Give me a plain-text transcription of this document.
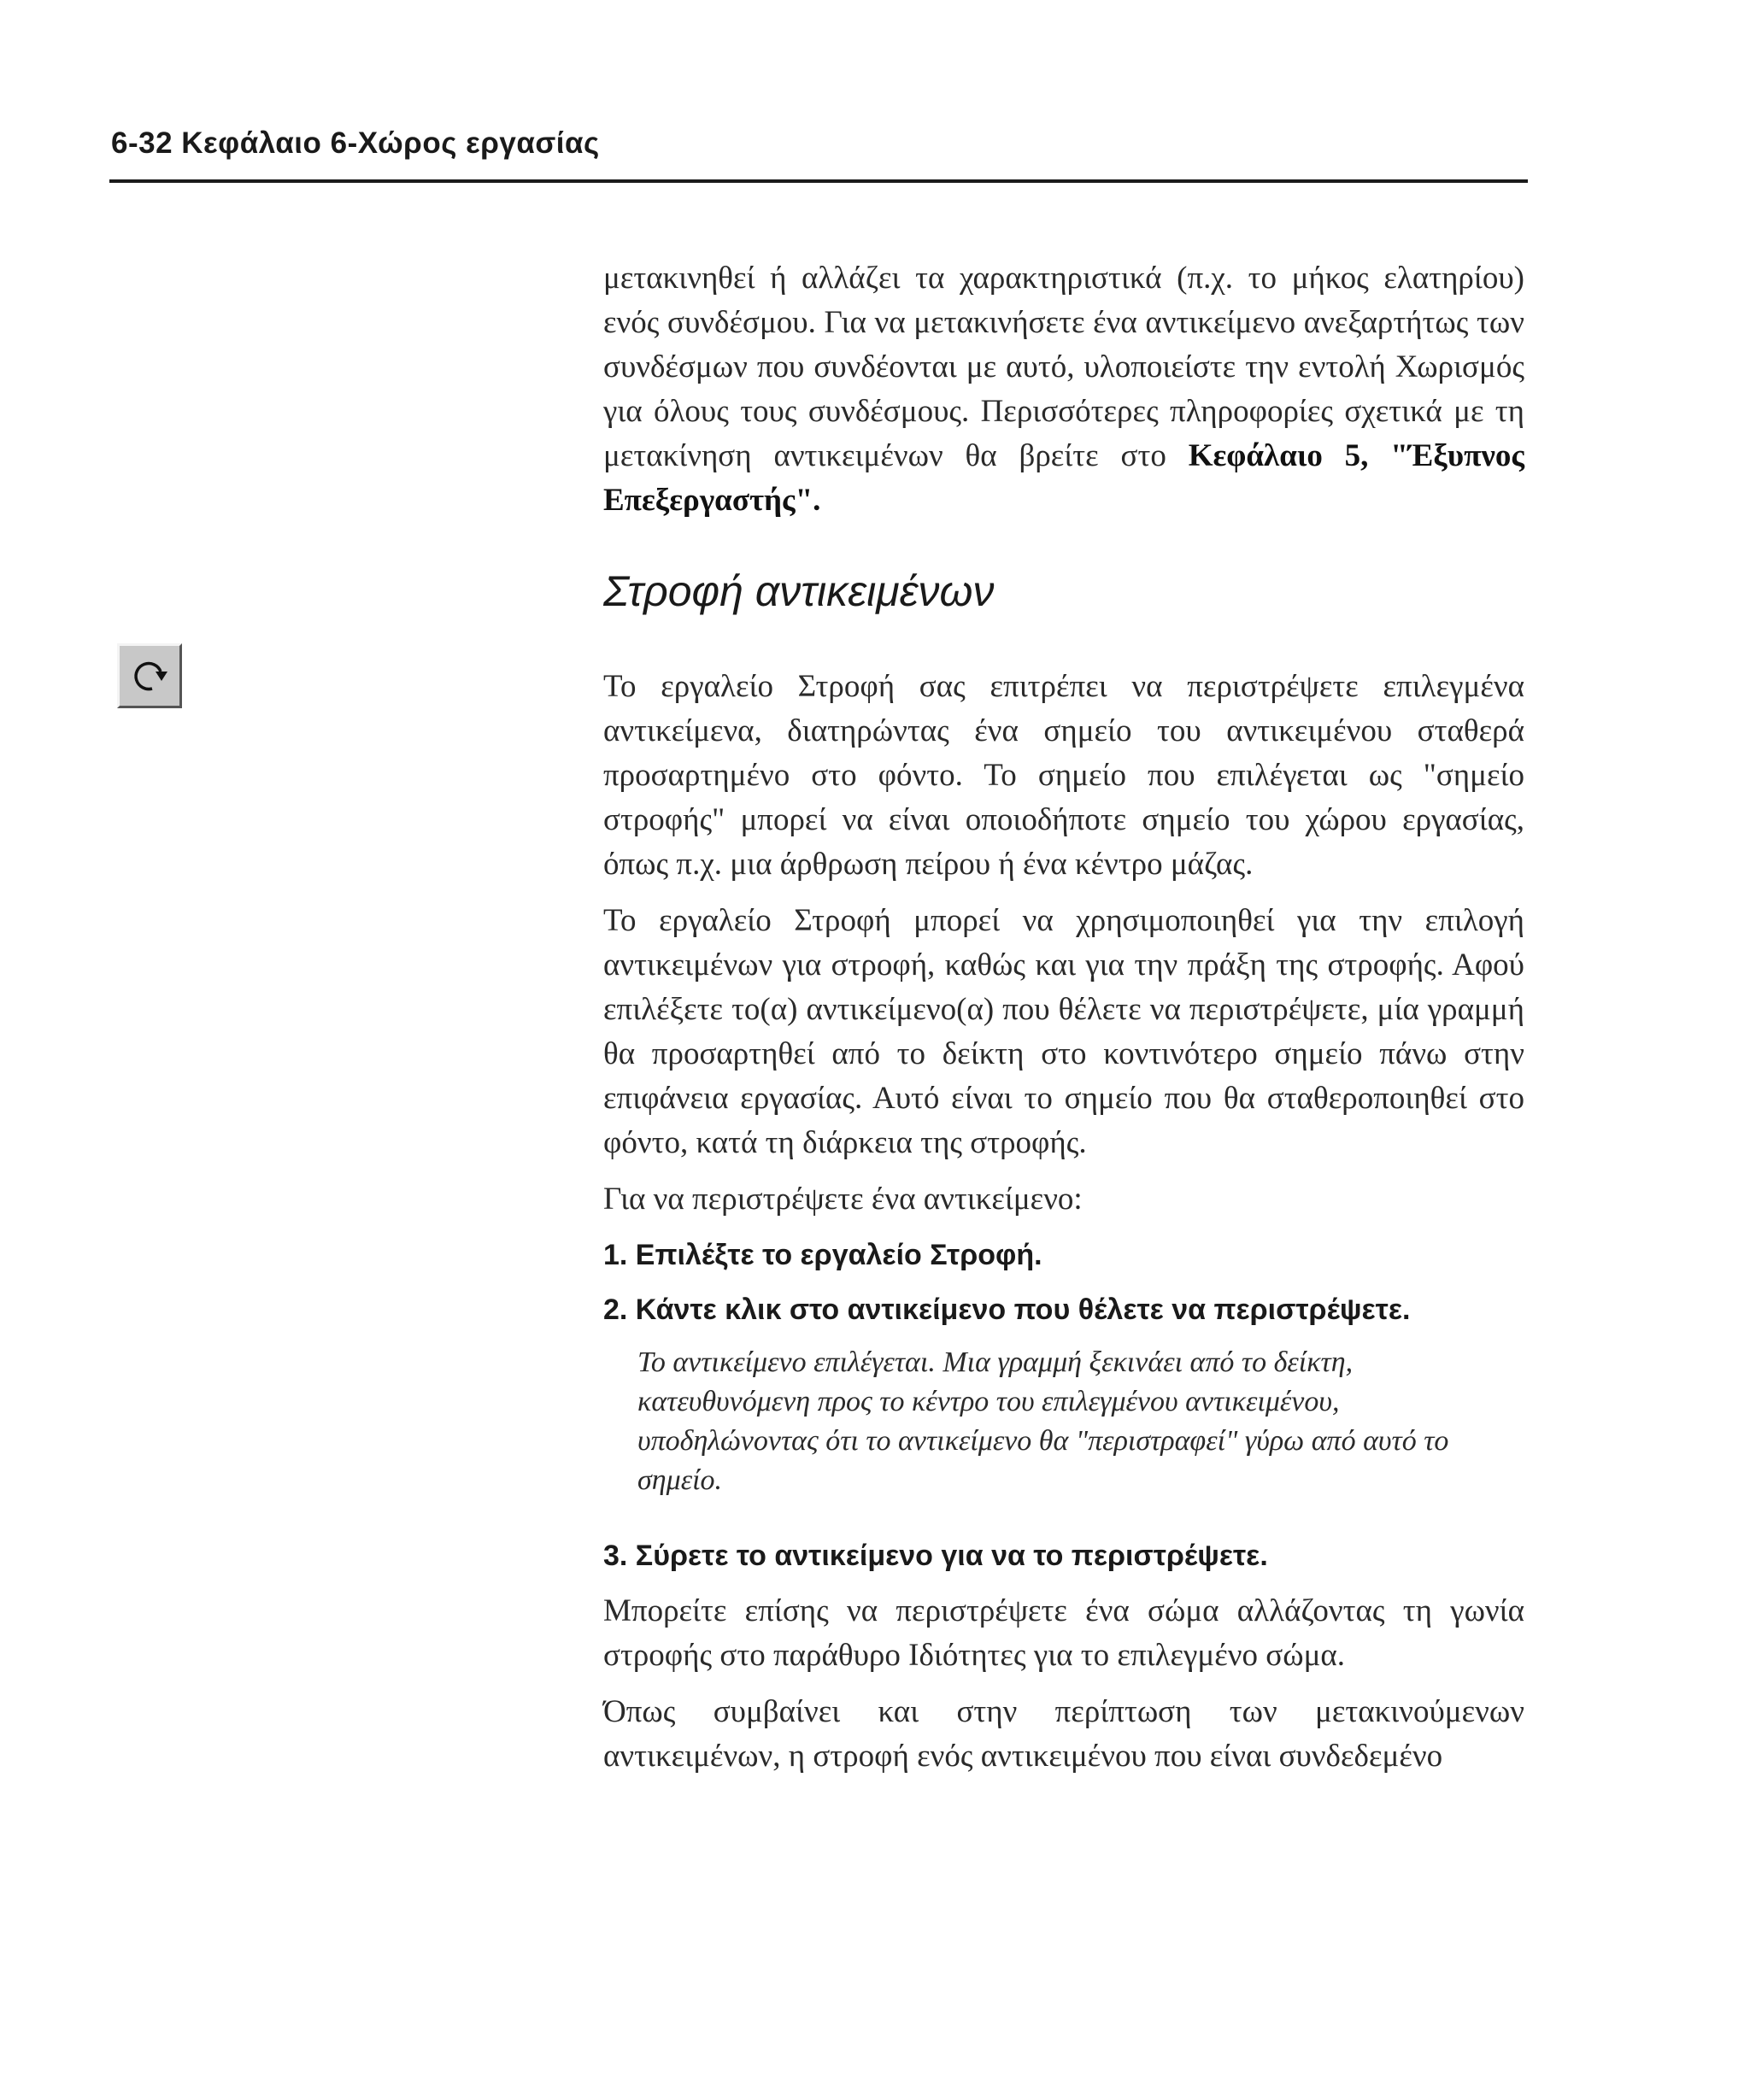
6-32 Κεφάλαιο 6-Χώρος εργασίας

μετακινηθεί ή αλλάζει τα χαρακτηριστικά (π.χ. το μήκος ελατηρίου) ενός συνδέσμου. Για να μετακινήσετε ένα αντικείμενο ανεξαρτήτως των συνδέσμων που συνδέονται με αυτό, υλοποιείστε την εντολή Χωρισμός για όλους τους συνδέσμους. Περισσότερες πληροφορίες σχετικά με τη μετακίνηση αντικειμένων θα βρείτε στο Κεφάλαιο 5, "Έξυπνος Επεξεργαστής".

Στροφή αντικειμένων

Το εργαλείο Στροφή σας επιτρέπει να περιστρέψετε επιλεγμένα αντικείμενα, διατηρώντας ένα σημείο του αντικειμένου σταθερά προσαρτημένο στο φόντο. Το σημείο που επιλέγεται ως "σημείο στροφής" μπορεί να είναι οποιοδήποτε σημείο του χώρου εργασίας, όπως π.χ. μια άρθρωση πείρου ή ένα κέντρο μάζας.

Το εργαλείο Στροφή μπορεί να χρησιμοποιηθεί για την επιλογή αντικειμένων για στροφή, καθώς και για την πράξη της στροφής. Αφού επιλέξετε το(α) αντικείμενο(α) που θέλετε να περιστρέψετε, μία γραμμή θα προσαρτηθεί από το δείκτη στο κοντινότερο σημείο πάνω στην επιφάνεια εργασίας. Αυτό είναι το σημείο που θα σταθεροποιηθεί στο φόντο, κατά τη διάρκεια της στροφής.

Για να περιστρέψετε ένα αντικείμενο:

1. Επιλέξτε το εργαλείο Στροφή.
2. Κάντε κλικ στο αντικείμενο που θέλετε να περιστρέψετε.

Το αντικείμενο επιλέγεται. Μια γραμμή ξεκινάει από το δείκτη, κατευθυνόμενη προς το κέντρο του επιλεγμένου αντικειμένου, υποδηλώνοντας ότι το αντικείμενο θα "περιστραφεί" γύρω από αυτό το σημείο.

3. Σύρετε το αντικείμενο για να το περιστρέψετε.

Μπορείτε επίσης να περιστρέψετε ένα σώμα αλλάζοντας τη γωνία στροφής στο παράθυρο Ιδιότητες για το επιλεγμένο σώμα.

Όπως συμβαίνει και στην περίπτωση των μετακινούμενων αντικειμένων, η στροφή ενός αντικειμένου που είναι συνδεδεμένο
